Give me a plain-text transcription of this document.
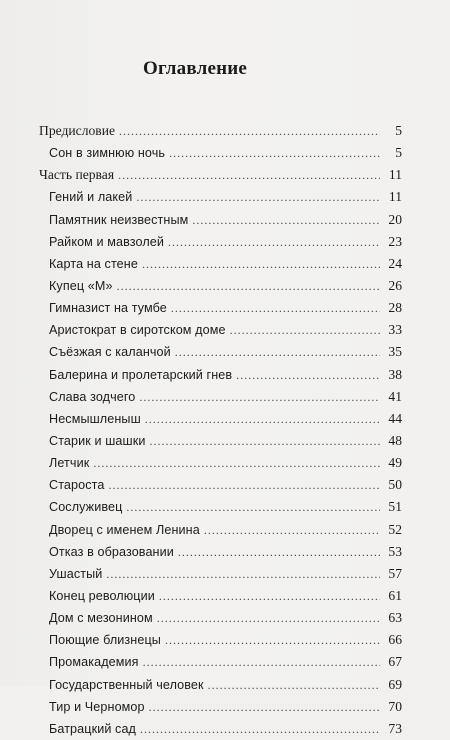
Оглавление
Предисловие . . .	5
Сон в зимнюю ночь . . .	5
Часть первая . . .	11
Гений и лакей . . .	11
Памятник неизвестным . . .	20
Райком и мавзолей . . .	23
Карта на стене . . .	24
Купец «М» . . .	26
Гимназист на тумбе . . .	28
Аристократ в сиротском доме . . .	33
Съёзжая с каланчой . . .	35
Балерина и пролетарский гнев . . .	38
Слава зодчего . . .	41
Несмышленыш . . .	44
Старик и шашки . . .	48
Летчик . . .	49
Староста . . .	50
Сослуживец . . .	51
Дворец с именем Ленина . . .	52
Отказ в образовании . . .	53
Ушастый . . .	57
Конец революции . . .	61
Дом с мезонином . . .	63
Поющие близнецы . . .	66
Промакадемия . . .	67
Государственный человек . . .	69
Тир и Черномор . . .	70
Батрацкий сад . . .	73
